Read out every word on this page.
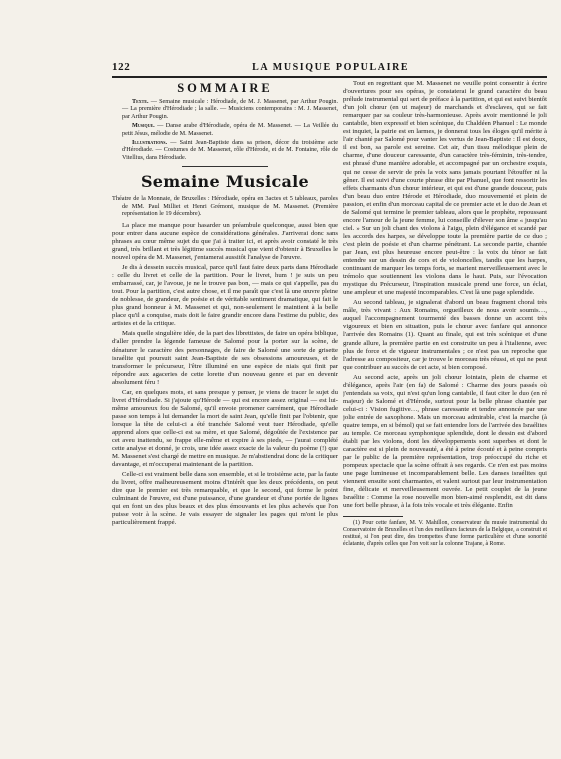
122	LA MUSIQUE POPULAIRE
SOMMAIRE

Texte. — Semaine musicale : Hérodiade, de M. J. Massenet, par Arthur Pougin. — La première d'Hérodiade ; la salle. — Musiciens contemporains : M. J. Massenet, par Arthur Pougin.

Musique. — Danse arabe d'Hérodiade, opéra de M. Massenet. — La Veillée du petit Jésus, mélodie de M. Massenet.

Illustrations. — Saint Jean-Baptiste dans sa prison, décor du troisième acte d'Hérodiade. — Costumes de M. Massenet, rôle d'Hérode, et de M. Fontaine, rôle de Vitellius, dans Hérodiade.

Semaine Musicale
Théatre de la Monnaie, de Bruxelles : Hérodiade, opéra en 3actes et 5 tableaux, paroles de MM. Paul Milliet et Henri Grémont, musique de M. Massenet. (Première représentation le 19 décembre).

La place me manque pour hasarder un préambule quelconque, aussi bien que pour entrer dans aucune espèce de considérations générales. J'arriverai donc sans phrases au cœur même sujet du que j'ai à traiter ici, et après avoir constaté le très grand, très brillant et très légitime succès musical que vient d'obtenir à Bruxelles le nouvel opéra de M. Massenet, j'entamerai aussitôt l'analyse de l'œuvre.

Je dis à dessein succès musical, parce qu'il faut faire deux parts dans Hérodiade : celle du livret et celle de la partition. Pour le livret, hum ! je suis un peu embarrassé, car, je l'avoue, je ne le trouve pas bon, — mais ce qui s'appelle, pas du tout. Pour la partition, c'est autre chose, et il me paraît que c'est là une œuvre pleine de noblesse, de grandeur, de poésie et de véritable sentiment dramatique, qui fait le plus grand honneur à M. Massenet et qui, non-seulement le maintient à la belle place qu'il a conquise, mais doit le faire grandir encore dans l'estime du public, des artistes et de la critique.

Mais quelle singulière idée, de la part des librettistes, de faire un opéra biblique, d'aller prendre la légende fameuse de Salomé pour la porter sur la scène, de dénaturer le caractère des personnages, de faire de Salomé une sorte de grisette israélite qui poursuit saint Jean-Baptiste de ses obsessions amoureuses, et de transformer le précurseur, l'être illuminé en une espèce de niais qui finit par répondre aux agaceries de cette lorette d'un nouveau genre et par en devenir absolument féru !

Car, en quelques mots, et sans presque y penser, je viens de tracer le sujet du livret d'Hérodiade. Si j'ajoute qu'Hérode — qui est encore assez original — est lui-même amoureux fou de Salomé, qu'il envoie promener carrément, que Hérodiade passe son temps à lui demander la mort de saint Jean, qu'elle finit par l'obtenir, que lorsque la tête de celui-ci a été tranchée Salomé veut tuer Hérodiade, qu'elle apprend alors que celle-ci est sa mère, et que Salomé, dégoûtée de l'existence par cet aveu inattendu, se frappe elle-même et expire à ses pieds, — j'aurai complété cette analyse et donné, je crois, une idée assez exacte de la valeur du poème (!) que M. Massenet s'est chargé de mettre en musique. Je m'abstiendrai donc de la critiquer davantage, et m'occuperai maintenant de la partition.

Celle-ci est vraiment belle dans son ensemble, et si le troisième acte, par la faute du livret, offre malheureusement moins d'intérêt que les deux précédents, on peut dire que le premier est très remarquable, et que le second, qui forme le point culminant de l'œuvre, est d'une puissance, d'une grandeur et d'une portée de lignes qui en font un des plus beaux et des plus émouvants et les plus achevés que l'on puisse voir à la scène. Je vais essayer de signaler les pages qui m'ont le plus particulièrement frappé.

Tout en regrettant que M. Massenet ne veuille point consentir à écrire d'ouvertures pour ses opéras, je constaterai le grand caractère du beau prélude instrumental qui sert de préface à la partition, et qui est suivi bientôt d'un joli chœur (en ut majeur) de marchands et d'esclaves, qui se fait remarquer par sa couleur très-harmonieuse. Après avoir mentionné le joli cantabile, bien expressif et bien scénique, du Chaldéen Phanuel : Le monde est inquiet, la patrie est en larmes, je donnerai tous les éloges qu'il mérite à l'air chanté par Salomé pour vanter les vertus de Jean-Baptiste : Il est doux, il est bon, sa parole est sereine. Cet air, d'un tissu mélodique plein de charme, d'une douceur caressante, d'un caractère très-féminin, très-tendre, est phrasé d'une manière adorable, et accompagné par un orchestre exquis, qui ne cesse de servir de près la voix sans jamais pourtant l'étouffer ni la gêner. Il est suivi d'une courte phrase dite par Phanuel, que font ressortir les effets charmants d'un chœur intérieur, et qui est d'une grande douceur, puis d'un beau duo entre Hérode et Hérodiade, duo mouvementé et plein de passion, et enfin d'un morceau capital de ce premier acte et le duo de Jean et de Salomé qui termine le premier tableau, alors que le prophète, repoussant encore l'amour de la jeune femme, lui conseille d'élever son âme « jusqu'au ciel. » Sur un joli chant des violons à l'aigu, plein d'élégance et scandé par les accords des harpes, se développe toute la première partie de ce duo ; c'est plein de poésie et d'un charme pénétrant. La seconde partie, chantée par Jean, est plus heureuse encore peut-être : la voix du ténor se fait entendre sur un dessin de cors et de violoncelles, tandis que les harpes, continuant de marquer les temps forts, se marient merveilleusement avec le trémolo que soutiennent les violons dans le haut. Puis, sur l'évocation mystique du Précurseur, l'inspiration musicale prend une force, un éclat, une ampleur et une majesté incomparables. C'est là une page splendide.

Au second tableau, je signalerai d'abord un beau fragment choral très mâle, très vivant : Aux Romains, orgueilleux de nous avoir soumis…, auquel l'accompagnement tourmenté des basses donne un accent très vigoureux et bien en situation, puis le chœur avec fanfare qui annonce l'arrivée des Romains (1). Quant au finale, qui est très scénique et d'une grande allure, la première partie en est construite un peu à l'italienne, avec plus de force et de vigueur instrumentales ; ce n'est pas un reproche que l'adresse au compositeur, car je trouve le morceau très réussi, et qui ne peut que contribuer au succès de cet acte, si bien composé.

Au second acte, après un joli chœur lointain, plein de charme et d'élégance, après l'air (en fa) de Salomé : Charme des jours passés où j'entendais sa voix, qui n'est qu'un long cantabile, il faut citer le duo (en ré majeur) de Salomé et d'Hérode, surtout pour la belle phrase chantée par celui-ci : Vision fugitive…, phrase caressante et tendre annoncée par une jolie entrée de saxophone. Mais un morceau admirable, c'est la marche (à quatre temps, en si bémol) qui se fait entendre lors de l'arrivée des Israélites au temple. Ce morceau symphonique splendide, dont le dessin est d'abord établi par les violons, dont les développements sont superbes et dont le caractère est si plein de nouveauté, a été à peine écouté et à peine compris par le public de la première représentation, trop préoccupé du riche et pompeux spectacle que la scène offrait à ses regards. Ce n'en est pas moins une page lumineuse et incomparablement belle. Les danses israélites qui viennent ensuite sont charmantes, et valent surtout par leur instrumentation fine, délicate et merveilleusement ouvrée. Le petit couplet de la jeune Israélite : Comme la rose nouvelle mon bien-aimé resplendit, est dit dans une fort belle phrase, à la fois très vocale et très élégante. Enfin

(1) Pour cette fanfare, M. V. Mahillon, conservateur du musée instrumental du Conservatoire de Bruxelles et l'un des meilleurs facteurs de la Belgique, a construit et restitué, si l'on peut dire, des trompettes d'une forme particulière et d'une sonorité éclatante, d'après celles que l'on voit sur la colonne Trajane, à Rome.
